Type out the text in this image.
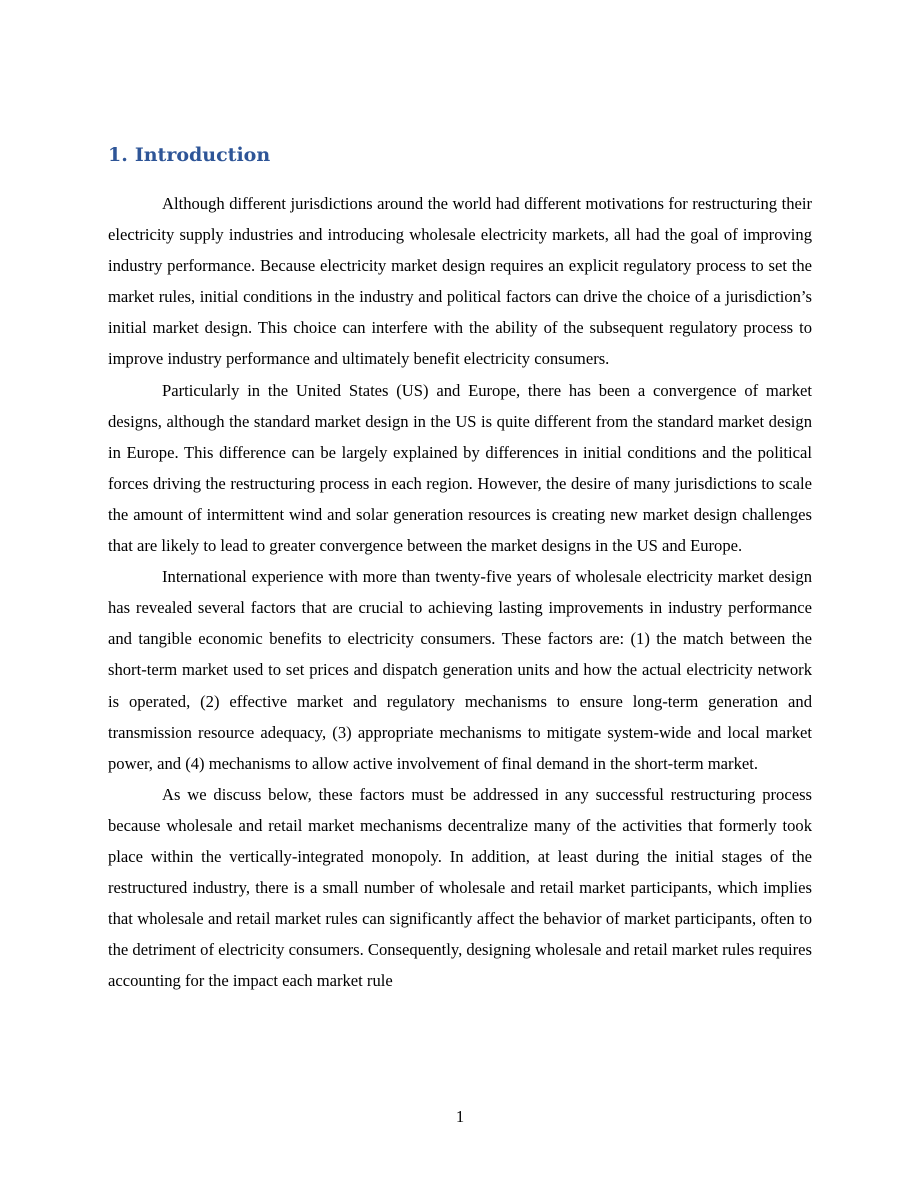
1. Introduction

Although different jurisdictions around the world had different motivations for restructuring their electricity supply industries and introducing wholesale electricity markets, all had the goal of improving industry performance. Because electricity market design requires an explicit regulatory process to set the market rules, initial conditions in the industry and political factors can drive the choice of a jurisdiction’s initial market design. This choice can interfere with the ability of the subsequent regulatory process to improve industry performance and ultimately benefit electricity consumers.

Particularly in the United States (US) and Europe, there has been a convergence of market designs, although the standard market design in the US is quite different from the standard market design in Europe. This difference can be largely explained by differences in initial conditions and the political forces driving the restructuring process in each region. However, the desire of many jurisdictions to scale the amount of intermittent wind and solar generation resources is creating new market design challenges that are likely to lead to greater convergence between the market designs in the US and Europe.

International experience with more than twenty-five years of wholesale electricity market design has revealed several factors that are crucial to achieving lasting improvements in industry performance and tangible economic benefits to electricity consumers. These factors are: (1) the match between the short-term market used to set prices and dispatch generation units and how the actual electricity network is operated, (2) effective market and regulatory mechanisms to ensure long-term generation and transmission resource adequacy, (3) appropriate mechanisms to mitigate system-wide and local market power, and (4) mechanisms to allow active involvement of final demand in the short-term market.

As we discuss below, these factors must be addressed in any successful restructuring process because wholesale and retail market mechanisms decentralize many of the activities that formerly took place within the vertically-integrated monopoly. In addition, at least during the initial stages of the restructured industry, there is a small number of wholesale and retail market participants, which implies that wholesale and retail market rules can significantly affect the behavior of market participants, often to the detriment of electricity consumers. Consequently, designing wholesale and retail market rules requires accounting for the impact each market rule

1
